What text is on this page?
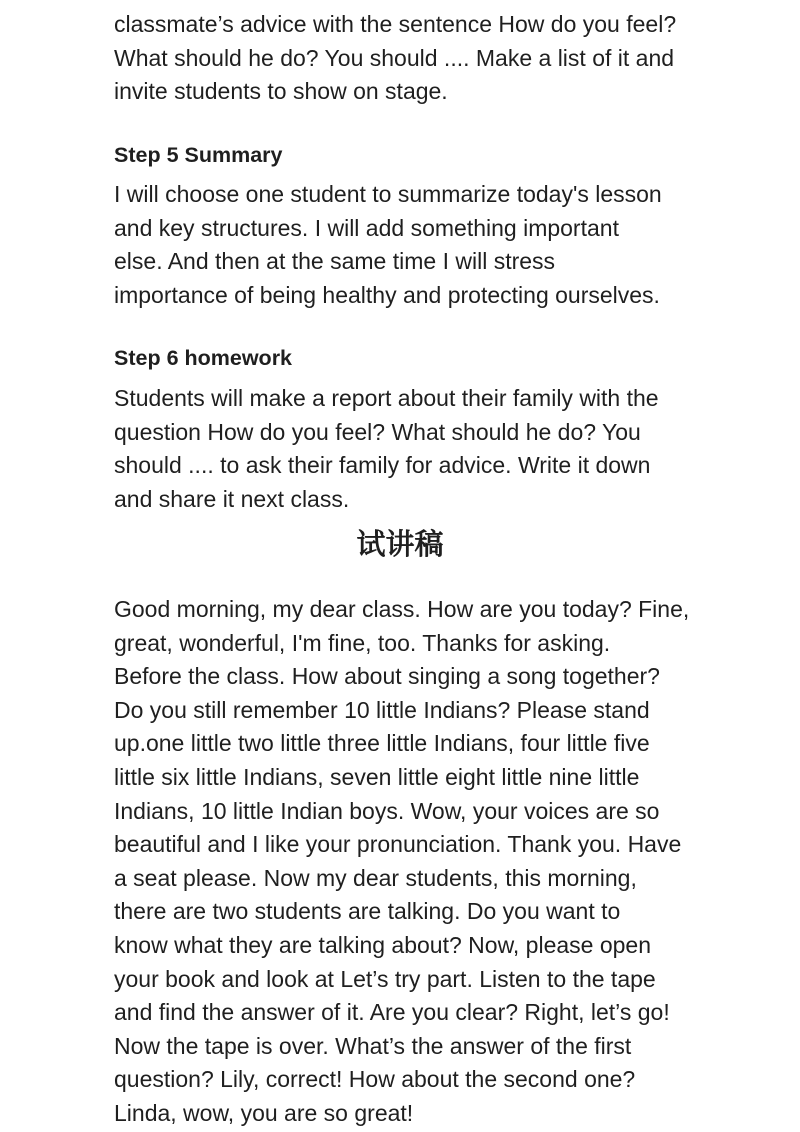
classmate’s advice with the sentence How do you feel?
What should he do? You should .... Make a list of it and
invite students to show on stage.
Step 5 Summary
I will choose one student to summarize today's lesson
and key structures. I will add something important
else. And then at the same time I will stress
importance of being healthy and protecting ourselves.
Step 6 homework
Students will make a report about their family with the
question How do you feel? What should he do? You
should .... to ask their family for advice. Write it down
and share it next class.
试讲稿
Good morning, my dear class. How are you today? Fine,
great, wonderful, I'm fine, too. Thanks for asking.
Before the class. How about singing a song together?
Do you still remember 10 little Indians? Please stand
up.one little two little three little Indians, four little five
little six little Indians, seven little eight little nine little
Indians, 10 little Indian boys. Wow, your voices are so
beautiful and I like your pronunciation. Thank you. Have
a seat please. Now my dear students, this morning,
there are two students are talking. Do you want to
know what they are talking about? Now, please open
your book and look at Let’s try part. Listen to the tape
and find the answer of it. Are you clear? Right, let’s go!
Now the tape is over. What’s the answer of the first
question? Lily, correct! How about the second one?
Linda, wow, you are so great!
